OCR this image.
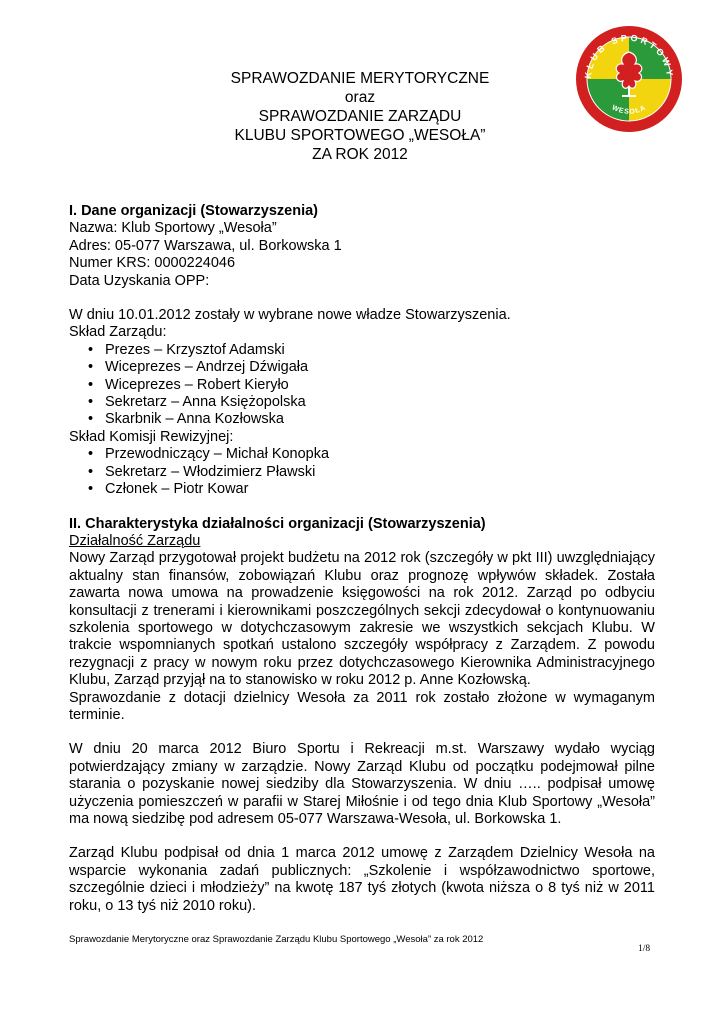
SPRAWOZDANIE MERYTORYCZNE
oraz
SPRAWOZDANIE ZARZĄDU
KLUBU SPORTOWEGO „WESOŁA”
ZA ROK 2012
KLUB SPORTOWY
WESOŁA
I. Dane organizacji (Stowarzyszenia)
Nazwa: Klub Sportowy „Wesoła”
Adres: 05-077 Warszawa, ul. Borkowska 1
Numer KRS: 0000224046
Data Uzyskania OPP:
W dniu 10.01.2012 zostały w wybrane nowe władze Stowarzyszenia.
Skład Zarządu:
• Prezes – Krzysztof Adamski
• Wiceprezes – Andrzej Dźwigała
• Wiceprezes – Robert Kieryło
• Sekretarz – Anna Księżopolska
• Skarbnik – Anna Kozłowska
Skład Komisji Rewizyjnej:
• Przewodniczący – Michał Konopka
• Sekretarz – Włodzimierz Pławski
• Członek – Piotr Kowar
II. Charakterystyka działalności organizacji (Stowarzyszenia)
Działalność Zarządu
Nowy Zarząd przygotował projekt budżetu na 2012 rok (szczegóły w pkt III) uwzględniający aktualny stan finansów, zobowiązań Klubu oraz prognozę wpływów składek. Została zawarta nowa umowa na prowadzenie księgowości na rok 2012. Zarząd po odbyciu konsultacji z trenerami i kierownikami poszczególnych sekcji zdecydował o kontynuowaniu szkolenia sportowego w dotychczasowym zakresie we wszystkich sekcjach Klubu. W trakcie wspomnianych spotkań ustalono szczegóły współpracy z Zarządem. Z powodu rezygnacji z pracy w nowym roku przez dotychczasowego Kierownika Administracyjnego Klubu, Zarząd przyjął na to stanowisko w roku 2012 p. Anne Kozłowską.
Sprawozdanie z dotacji dzielnicy Wesoła za 2011 rok zostało złożone w wymaganym terminie.
W dniu 20 marca 2012 Biuro Sportu i Rekreacji m.st. Warszawy wydało wyciąg potwierdzający zmiany w zarządzie. Nowy Zarząd Klubu od początku podejmował pilne starania o pozyskanie nowej siedziby dla Stowarzyszenia. W dniu ….. podpisał umowę użyczenia pomieszczeń w parafii w Starej Miłośnie i od tego dnia Klub Sportowy „Wesoła” ma nową siedzibę pod adresem 05-077 Warszawa-Wesoła, ul. Borkowska 1.
Zarząd Klubu podpisał od dnia 1 marca 2012 umowę z Zarządem Dzielnicy Wesoła na wsparcie wykonania zadań publicznych: „Szkolenie i współzawodnictwo sportowe, szczególnie dzieci i młodzieży” na kwotę 187 tyś złotych (kwota niższa o 8 tyś niż w 2011 roku, o 13 tyś niż 2010 roku).
Sprawozdanie Merytoryczne oraz Sprawozdanie Zarządu Klubu Sportowego „Wesoła” za rok 2012
1/8
